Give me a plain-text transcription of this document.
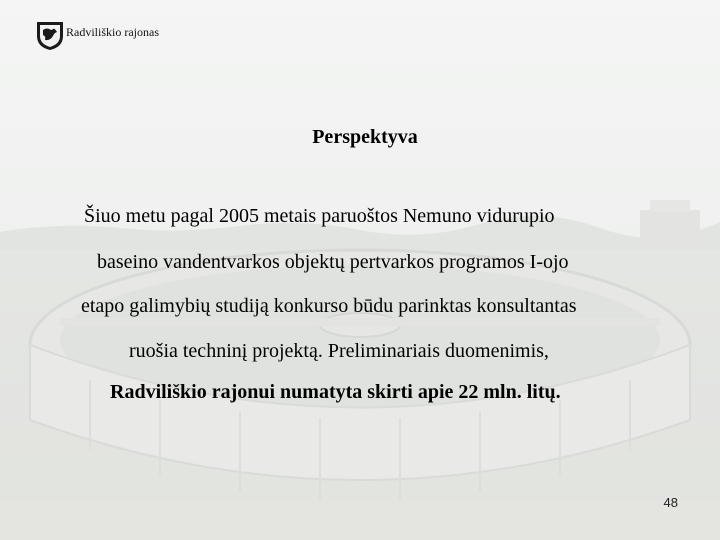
Radviliškio rajonas
Perspektyva
Šiuo metu pagal 2005 metais paruoštos Nemuno vidurupio
baseino vandentvarkos objektų pertvarkos programos I-ojo
etapo galimybių studiją konkurso būdu parinktas konsultantas
ruošia techninį projektą. Preliminariais duomenimis,
Radviliškio rajonui numatyta skirti apie 22 mln. litų.
48
